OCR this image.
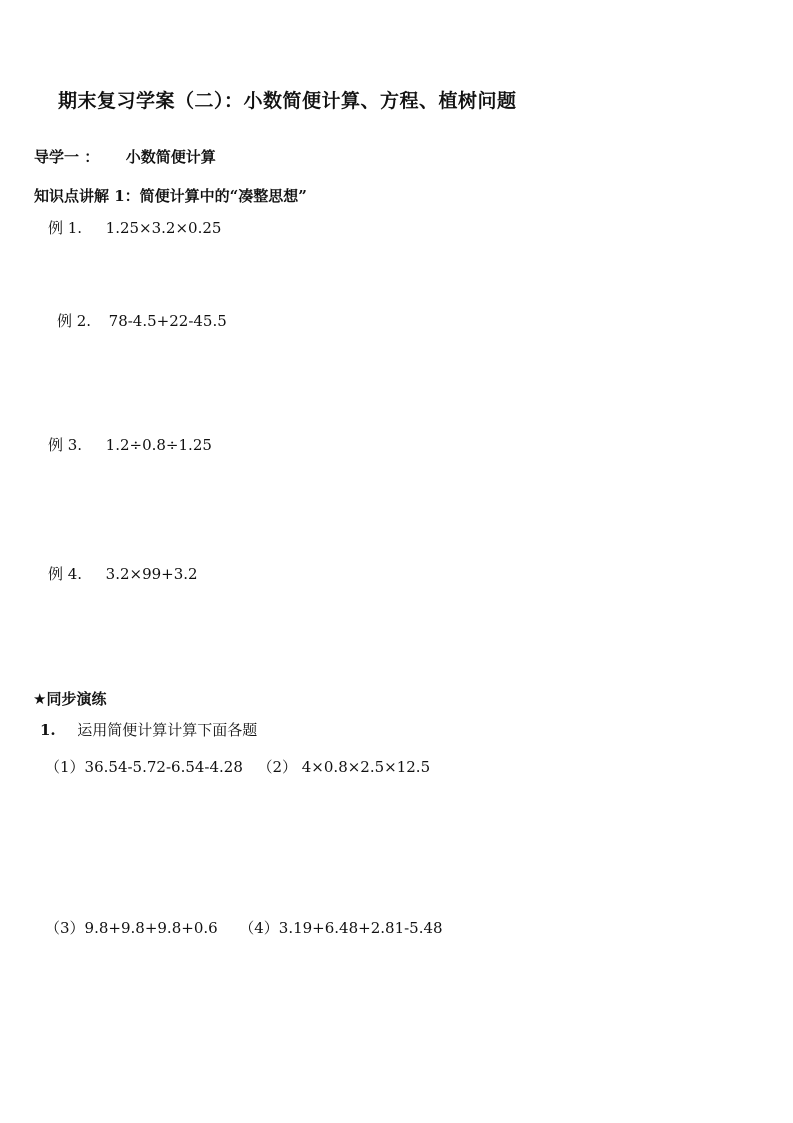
期末复习学案（二）：小数简便计算、方程、植树问题
导学一 ： 小数简便计算
知识点讲解 1：简便计算中的“凑整思想”
例 1. 1.25×3.2×0.25
例 2. 78-4.5+22-45.5
例 3. 1.2÷0.8÷1.25
例 4. 3.2×99+3.2
★同步演练
1. 运用简便计算计算下面各题
（1）36.54-5.72-6.54-4.28 （2） 4×0.8×2.5×12.5
（3）9.8+9.8+9.8+0.6 （4）3.19+6.48+2.81-5.48
